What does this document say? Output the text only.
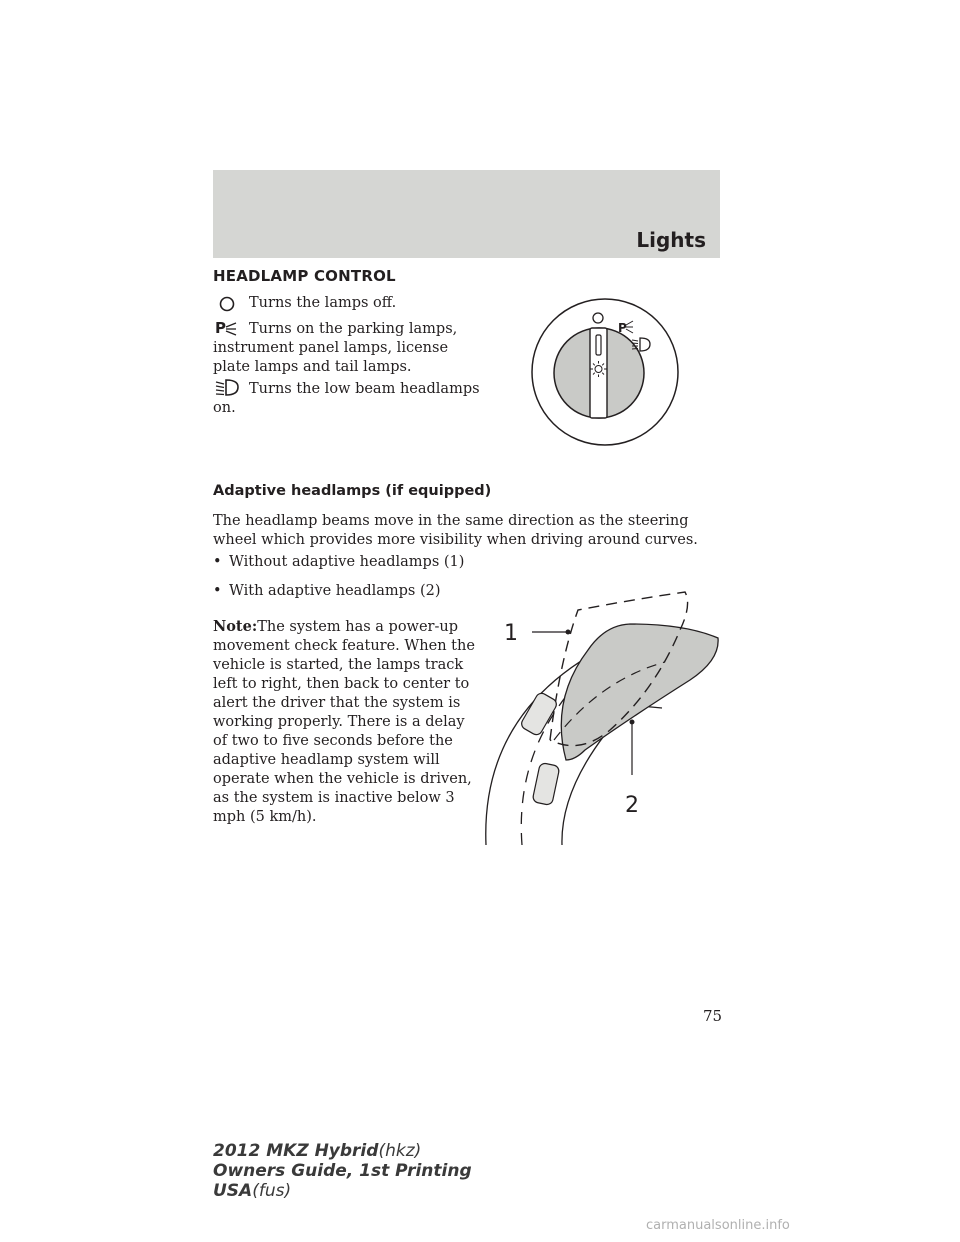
Lights
HEADLAMP CONTROL
Turns the lamps off.
P Turns on the parking lamps,
instrument panel lamps, license plate lamps and tail lamps.
Turns the low beam headlamps
on.
P
Adaptive headlamps (if equipped)
The headlamp beams move in the same direction as the steering wheel which provides more visibility when driving around curves.
• Without adaptive headlamps (1)
• With adaptive headlamps (2)
Note:The system has a power-up movement check feature. When the vehicle is started, the lamps track left to right, then back to center to alert the driver that the system is working properly. There is a delay of two to five seconds before the adaptive headlamp system will operate when the vehicle is driven, as the system is inactive below 3 mph (5 km/h).
1
2
75
2012 MKZ Hybrid(hkz)
Owners Guide, 1st Printing
USA(fus)
carmanualsonline.info
